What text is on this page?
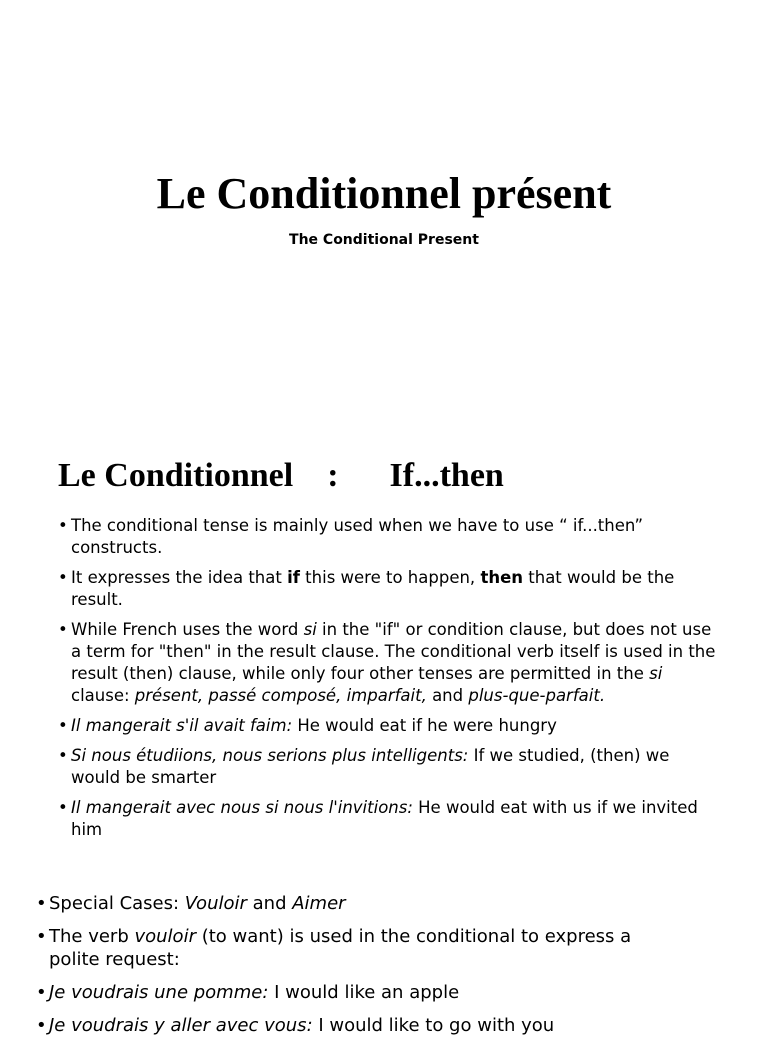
Le Conditionnel présent

The Conditional Present

Le Conditionnel    :      If...then
• The conditional tense is mainly used when we have to use “ if...then” constructs.
• It expresses the idea that if this were to happen, then that would be the result.
• While French uses the word si in the "if" or condition clause, but does not use a term for "then" in the result clause. The conditional verb itself is used in the result (then) clause, while only four other tenses are permitted in the si clause: présent, passé composé, imparfait, and plus-que-parfait.
• Il mangerait s'il avait faim: He would eat if he were hungry
• Si nous étudiions, nous serions plus intelligents: If we studied, (then) we would be smarter
• Il mangerait avec nous si nous l'invitions: He would eat with us if we invited him
• Special Cases: Vouloir and Aimer
• The verb vouloir (to want) is used in the conditional to express a polite request:
• Je voudrais une pomme: I would like an apple
• Je voudrais y aller avec vous: I would like to go with you
